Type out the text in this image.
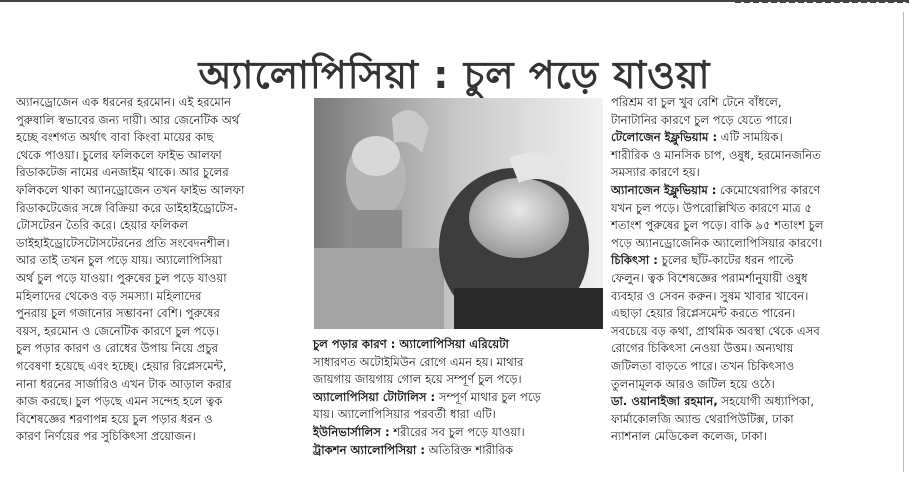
অ্যালোপিসিয়া : চুল পড়ে যাওয়া
অ্যানড্রোজেন এক ধরনের হরমোন। এই হরমোন
পুরুষালি স্বভাবের জন্য দায়ী। আর জেনেটিক অর্থ
হচ্ছে বংশগত অর্থাৎ বাবা কিংবা মায়ের কাছ
থেকে পাওয়া। চুলের ফলিকলে ফাইভ আলফা
রিডাকটেজ নামের এনজাইম থাকে। আর চুলের
ফলিকলে থাকা অ্যানড্রোজেন তখন ফাইভ আলফা
রিডাকটেজের সঙ্গে বিক্রিয়া করে ডাইহাইড্রোটেস-
টোসটেরন তৈরি করে। হেয়ার ফলিকল
ডাইহাইড্রোটেসটোসটেরনের প্রতি সংবেদনশীল।
আর তাই তখন চুল পড়ে যায়। অ্যালোপিসিয়া
অর্থ চুল পড়ে যাওয়া। পুরুষের চুল পড়ে যাওয়া
মহিলাদের থেকেও বড় সমস্যা। মহিলাদের
পুনরায় চুল গজানোর সম্ভাবনা বেশি। পুরুষের
বয়স, হরমোন ও জেনেটিক কারণে চুল পড়ে।
চুল পড়ার কারণ ও রোধের উপায় নিয়ে প্রচুর
গবেষণা হয়েছে এবং হচ্ছে। হেয়ার রিপ্লেসমেন্ট,
নানা ধরনের সার্জারিও এখন টাক আড়াল করার
কাজ করছে। চুল পড়ছে এমন সন্দেহ হলে ত্বক
বিশেষজ্ঞের শরণাপন্ন হয়ে চুল পড়ার ধরন ও
কারণ নির্ণয়ের পর সুচিকিৎসা প্রয়োজন।
চুল পড়ার কারণ : অ্যালোপিসিয়া এরিয়েটা
সাধারণত অটোইমিউন রোগে এমন হয়। মাথার
জায়গায় জায়গায় গোল হয়ে সম্পূর্ণ চুল পড়ে।
অ্যালোপিসিয়া টোটালিস : সম্পূর্ণ মাথার চুল পড়ে
যায়। অ্যালোপিসিয়ার পরবর্তী ধারা এটি।
ইউনিভার্সালিস : শরীরের সব চুল পড়ে যাওয়া।
ট্রাকশন অ্যালোপিসিয়া : অতিরিক্ত শারীরিক
পরিশ্রম বা চুল খুব বেশি টেনে বাঁধলে,
টানাটানির কারণে চুল পড়ে যেতে পারে।
টেলোজেন ইফ্লুভিয়াম : এটি সাময়িক।
শারীরিক ও মানসিক চাপ, ওষুধ, হরমোনজনিত
সমস্যার কারণে হয়।
অ্যানাজেন ইফ্লুভিয়াম : কেমোথেরাপির কারণে
যখন চুল পড়ে। উপরোল্লিখিত কারণে মাত্র ৫
শতাংশ পুরুষের চুল পড়ে। বাকি ৯৫ শতাংশ চুল
পড়ে অ্যানড্রোজেনিক অ্যালোপিসিয়ার কারণে।
চিকিৎসা : চুলের ছাঁট-কাটের ধরন পাল্টে
ফেলুন। ত্বক বিশেষজ্ঞের পরামর্শানুযায়ী ওষুধ
ব্যবহার ও সেবন করুন। সুষম খাবার খাবেন।
এছাড়া হেয়ার রিপ্লেসমেন্ট করতে পারেন।
সবচেয়ে বড় কথা, প্রাথমিক অবস্থা থেকে এসব
রোগের চিকিৎসা নেওয়া উত্তম। অন্যথায়
জটিলতা বাড়তে পারে। তখন চিকিৎসাও
তুলনামূলক আরও জটিল হয়ে ওঠে।
ডা. ওয়ানাইজা রহমান, সহযোগী অধ্যাপিকা,
ফার্মাকোলজি অ্যান্ড থেরাপিউটিক্স, ঢাকা
ন্যাশনাল মেডিকেল কলেজ, ঢাকা।
